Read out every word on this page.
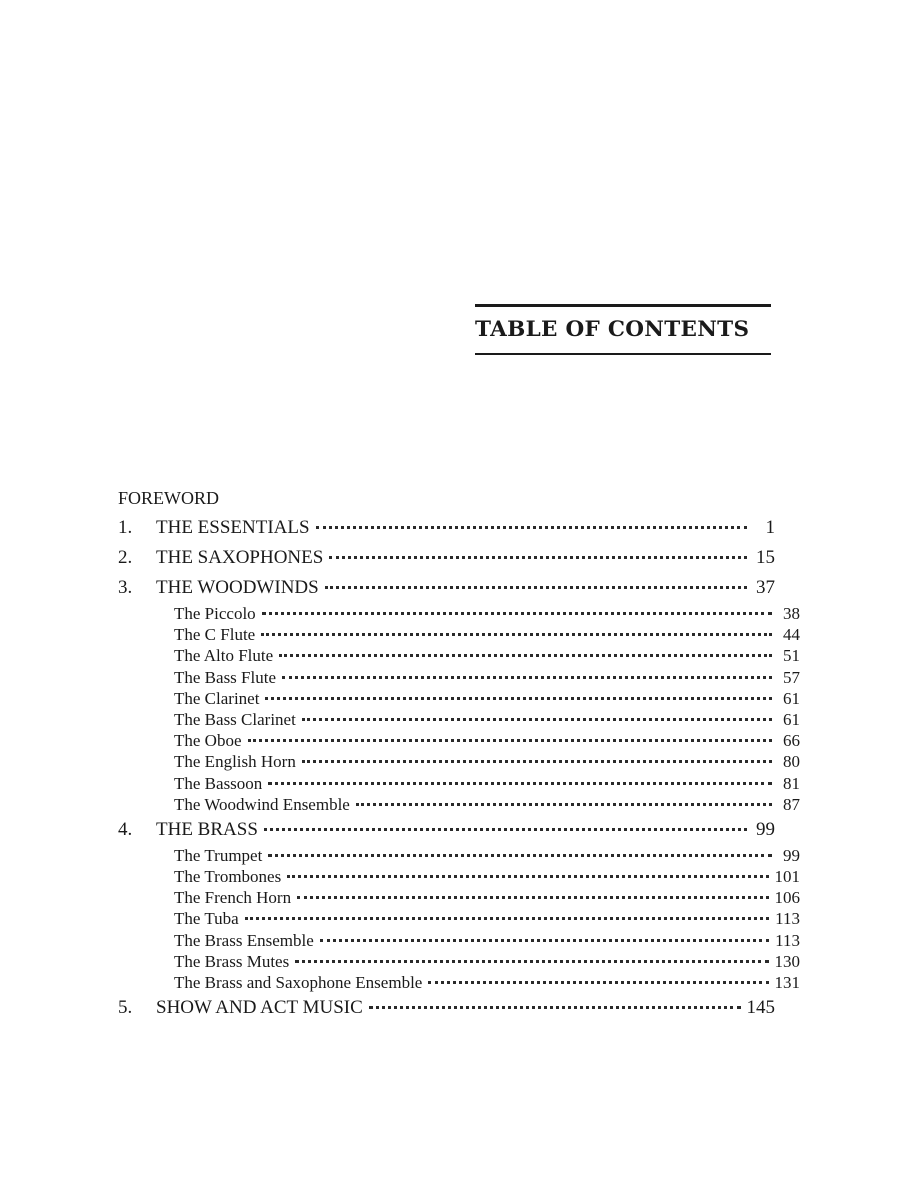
TABLE OF CONTENTS
FOREWORD
1.	THE ESSENTIALS	1
2.	THE SAXOPHONES	15
3.	THE WOODWINDS	37
The Piccolo	38
The C Flute	44
The Alto Flute	51
The Bass Flute	57
The Clarinet	61
The Bass Clarinet	61
The Oboe	66
The English Horn	80
The Bassoon	81
The Woodwind Ensemble	87
4.	THE BRASS	99
The Trumpet	99
The Trombones	101
The French Horn	106
The Tuba	113
The Brass Ensemble	113
The Brass Mutes	130
The Brass and Saxophone Ensemble	131
5.	SHOW AND ACT MUSIC	145
